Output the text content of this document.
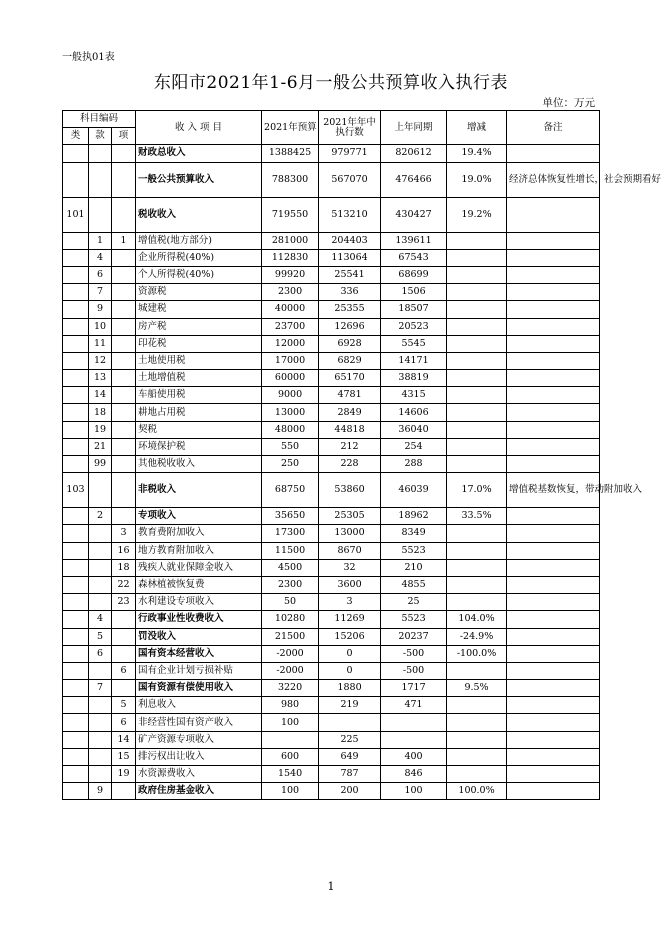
一般执01表
东阳市2021年1-6月一般公共预算收入执行表
单位：万元
科目编码			收 入 项 目	2021年预算	2021年年中
执行数	上年同期	增减	备注
类	款	项						
			财政总收入	1388425	979771	820612	19.4%	
			一般公共预算收入	788300	567070	476466	19.0%	经济总体恢复性增长，社会预期看好
101			税收收入	719550	513210	430427	19.2%	
	1	1	增值税(地方部分)	281000	204403	139611		
	4		企业所得税(40%)	112830	113064	67543		
	6		个人所得税(40%)	99920	25541	68699		
	7		资源税	2300	336	1506		
	9		城建税	40000	25355	18507		
	10		房产税	23700	12696	20523		
	11		印花税	12000	6928	5545		
	12		土地使用税	17000	6829	14171		
	13		土地增值税	60000	65170	38819		
	14		车船使用税	9000	4781	4315		
	18		耕地占用税	13000	2849	14606		
	19		契税	48000	44818	36040		
	21		环境保护税	550	212	254		
	99		其他税收收入	250	228	288		
103			非税收入	68750	53860	46039	17.0%	增值税基数恢复，带动附加收入
	2		专项收入	35650	25305	18962	33.5%	
		3	教育费附加收入	17300	13000	8349		
		16	地方教育附加收入	11500	8670	5523		
		18	残疾人就业保障金收入	4500	32	210		
		22	森林植被恢复费	2300	3600	4855		
		23	水利建设专项收入	50	3	25		
	4		行政事业性收费收入	10280	11269	5523	104.0%	
	5		罚没收入	21500	15206	20237	-24.9%	
	6		国有资本经营收入	-2000	0	-500	-100.0%	
		6	国有企业计划亏损补贴	-2000	0	-500		
	7		国有资源有偿使用收入	3220	1880	1717	9.5%	
		5	利息收入	980	219	471		
		6	非经营性国有资产收入	100				
		14	矿产资源专项收入		225			
		15	排污权出让收入	600	649	400		
		19	水资源费收入	1540	787	846		
	9		政府住房基金收入	100	200	100	100.0%	
1
